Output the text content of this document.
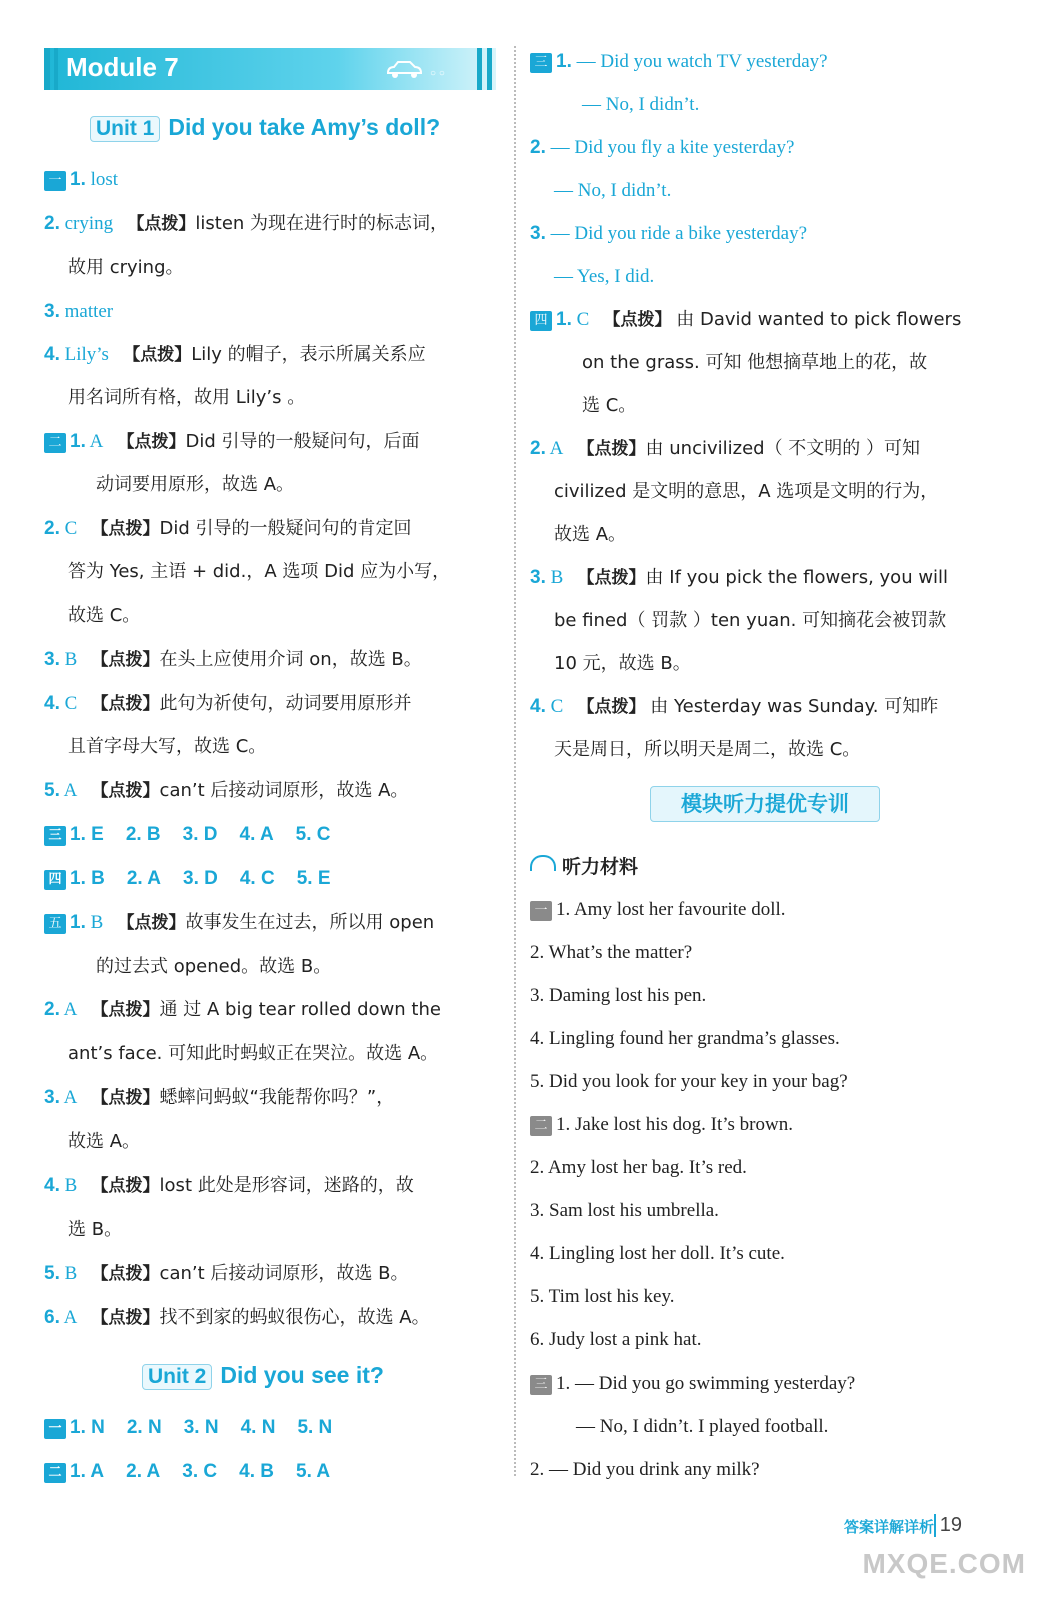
Module 7	○ ○
Unit 1 Did you take Amy’s doll?
一 1. lost
2. crying 【点拨】listen 为现在进行时的标志词，
故用 crying。
3. matter
4. Lily’s 【点拨】Lily 的帽子，表示所属关系应
用名词所有格，故用 Lily’s 。
二 1. A 【点拨】Did 引导的一般疑问句，后面
动词要用原形，故选 A。
2. C 【点拨】Did 引导的一般疑问句的肯定回
答为 Yes, 主语 + did.，A 选项 Did 应为小写，
故选 C。
3. B 【点拨】在头上应使用介词 on，故选 B。
4. C 【点拨】此句为祈使句，动词要用原形并
且首字母大写，故选 C。
5. A 【点拨】can’t 后接动词原形，故选 A。
三 1. E 2. B 3. D 4. A 5. C
四 1. B 2. A 3. D 4. C 5. E
五 1. B 【点拨】故事发生在过去，所以用 open
的过去式 opened。故选 B。
2. A 【点拨】通 过 A big tear rolled down the
ant’s face. 可知此时蚂蚁正在哭泣。故选 A。
3. A 【点拨】蟋蟀问蚂蚁“我能帮你吗？”，
故选 A。
4. B 【点拨】lost 此处是形容词，迷路的，故
选 B。
5. B 【点拨】can’t 后接动词原形，故选 B。
6. A 【点拨】找不到家的蚂蚁很伤心，故选 A。
Unit 2 Did you see it?
一 1. N 2. N 3. N 4. N 5. N
二 1. A 2. A 3. C 4. B 5. A
三 1. — Did you watch TV yesterday?
— No, I didn’t.
2. — Did you fly a kite yesterday?
— No, I didn’t.
3. — Did you ride a bike yesterday?
— Yes, I did.
四 1. C 【点拨】 由 David wanted to pick flowers
on the grass. 可知 他想摘草地上的花，故
选 C。
2. A 【点拨】由 uncivilized（ 不文明的 ）可知
civilized 是文明的意思，A 选项是文明的行为，
故选 A。
3. B 【点拨】由 If you pick the flowers, you will
be fined（ 罚款 ）ten yuan. 可知摘花会被罚款
10 元，故选 B。
4. C 【点拨】 由 Yesterday was Sunday. 可知昨
天是周日，所以明天是周二，故选 C。
模块听力提优专训
听力材料
一 1. Amy lost her favourite doll.
2. What’s the matter?
3. Daming lost his pen.
4. Lingling found her grandma’s glasses.
5. Did you look for your key in your bag?
二 1. Jake lost his dog. It’s brown.
2. Amy lost her bag. It’s red.
3. Sam lost his umbrella.
4. Lingling lost her doll. It’s cute.
5. Tim lost his key.
6. Judy lost a pink hat.
三 1. — Did you go swimming yesterday?
— No, I didn’t. I played football.
2. — Did you drink any milk?
答案详解详析 19
MXQE.COM
